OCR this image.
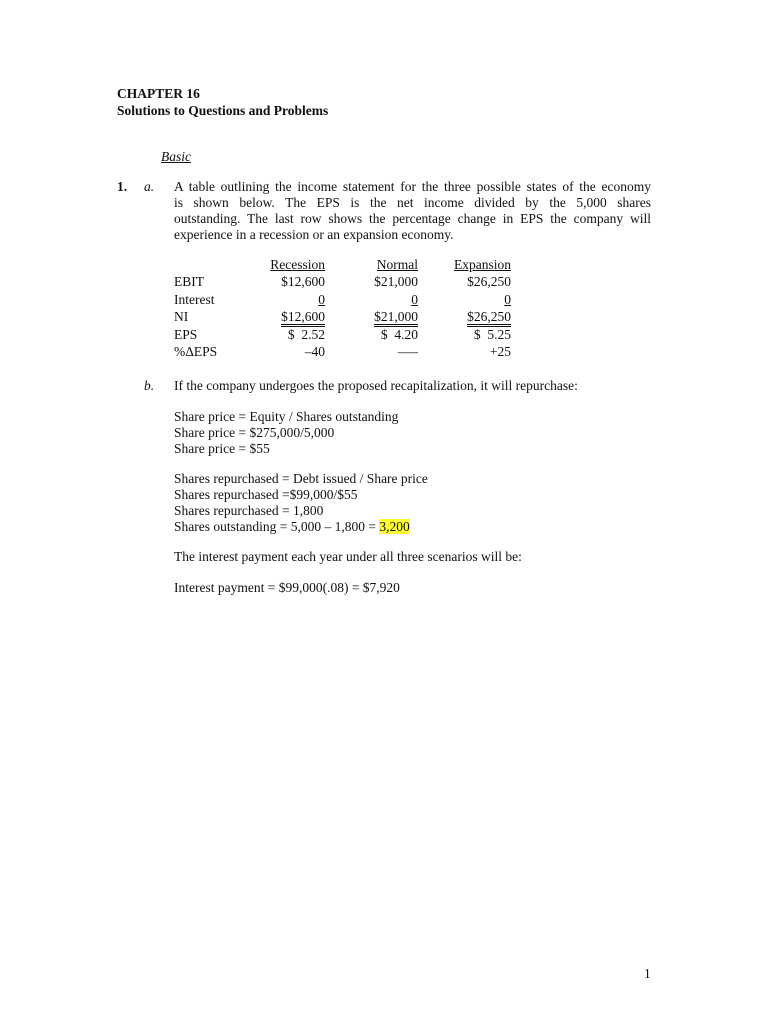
CHAPTER 16
Solutions to Questions and Problems
Basic
1. a. A table outlining the income statement for the three possible states of the economy
is shown below. The EPS is the net income divided by the 5,000 shares
outstanding. The last row shows the percentage change in EPS the company will
experience in a recession or an expansion economy.
	Recession	Normal	Expansion
EBIT	$12,600	$21,000	$26,250
Interest	0	0	0
NI	$12,600	$21,000	$26,250
EPS	$  2.52	$  4.20	$  5.25
%ΔEPS	–40	–––	+25
b. If the company undergoes the proposed recapitalization, it will repurchase:
Share price = Equity / Shares outstanding
Share price = $275,000/5,000
Share price = $55
Shares repurchased = Debt issued / Share price
Shares repurchased =$99,000/$55
Shares repurchased = 1,800
Shares outstanding = 5,000 – 1,800 = 3,200
The interest payment each year under all three scenarios will be:
Interest payment = $99,000(.08) = $7,920
1
